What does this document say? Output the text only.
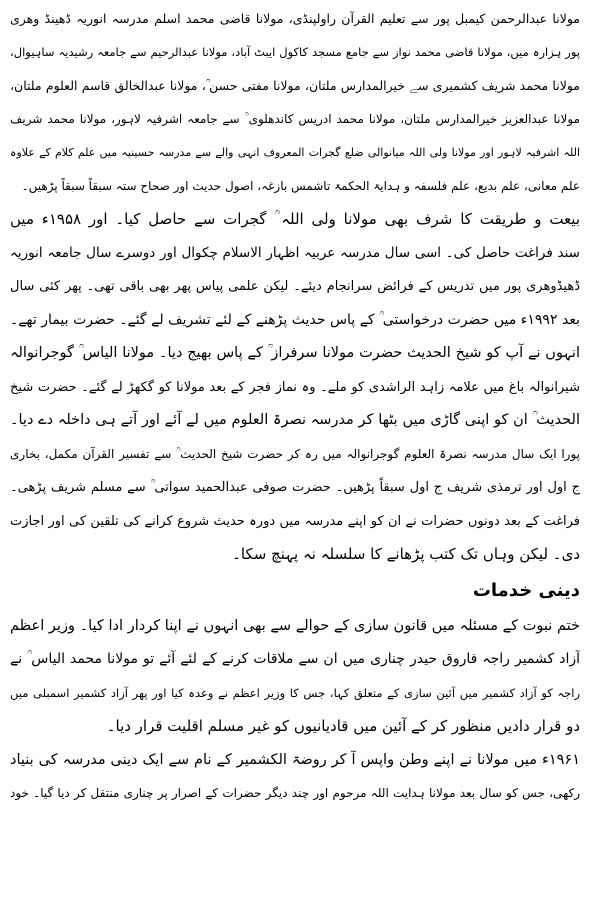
مولانا عبدالرحمن کیمبل پور سے تعلیم القرآن راولپنڈی، مولانا قاضی محمد اسلم مدرسہ انوریہ ڈھینڈ وھری
پور ہزارہ میں، مولانا قاضی محمد نواز سے جامع مسجد کاکول ایبٹ آباد، مولانا عبدالرحیم سے جامعہ رشیدیہ ساہیوال،
مولانا محمد شریف کشمیری سے خیرالمدارس ملتان، مولانا مفتی حسن ؒ، مولانا عبدالخالق قاسم العلوم ملتان،
مولانا عبدالعزیز خیرالمدارس ملتان، مولانا محمد ادریس کاندھلوی ؒ سے جامعہ اشرفیہ لاہور، مولانا محمد شریف
اللہ اشرفیہ لاہور اور مولانا ولی اللہ میانوالی ضلع گجرات المعروف انہی والے سے مدرسہ حسینیہ میں علم کلام کے علاوہ
علم معانی، علم بدیع، علم فلسفہ و ہدایۃ الحکمۃ تاشمس بازغہ، اصول حدیث اور صحاح ستہ سبقاً سبقاً پڑھیں۔
بیعت و طریقت کا شرف بھی مولانا ولی اللہ ؒ گجرات سے حاصل کیا۔ اور ۱۹۵۸ء میں
سند فراغت حاصل کی۔ اسی سال مدرسہ عربیہ اظہار الاسلام چکوال اور دوسرے سال جامعہ انوریہ
ڈھیڈوھری پور میں تدریس کے فرائض سرانجام دیئے۔ لیکن علمی پیاس پھر بھی باقی تھی۔ پھر کئی سال
بعد ۱۹۹۲ء میں حضرت درخواستی ؒ کے پاس حدیث پڑھنے کے لئے تشریف لے گئے۔ حضرت بیمار تھے۔
انہوں نے آپ کو شیخ الحدیث حضرت مولانا سرفراز ؒ کے پاس بھیج دیا۔ مولانا الیاس ؒ گوجرانوالہ
شیرانوالہ باغ میں علامہ زاہد الراشدی کو ملے۔ وہ نماز فجر کے بعد مولانا کو گکھڑ لے گئے۔ حضرت شیخ
الحدیث ؒ ان کو اپنی گاڑی میں بٹھا کر مدرسہ نصرۃ العلوم میں لے آئے اور آتے ہی داخلہ دے دیا۔
پورا ایک سال مدرسہ نصرۃ العلوم گوجرانوالہ میں رہ کر حضرت شیخ الحدیث ؒ سے تفسیر القرآن مکمل، بخاری
ج اول اور ترمذی شریف ج اول سبقاً پڑھیں۔ حضرت صوفی عبدالحمید سواتی ؒ سے مسلم شریف پڑھی۔
فراغت کے بعد دونوں حضرات نے ان کو اپنے مدرسہ میں دورہ حدیث شروع کرانے کی تلقین کی اور اجازت
دی۔ لیکن وہاں تک کتب پڑھانے کا سلسلہ نہ پہنچ سکا۔
دینی خدمات
ختم نبوت کے مسئلہ میں قانون سازی کے حوالے سے بھی انہوں نے اپنا کردار ادا کیا۔ وزیر اعظم
آزاد کشمیر راجہ فاروق حیدر چناری میں ان سے ملاقات کرنے کے لئے آئے تو مولانا محمد الیاس ؒ نے
راجہ کو آزاد کشمیر میں آئین سازی کے متعلق کہا، جس کا وزیر اعظم نے وعدہ کیا اور پھر آزاد کشمیر اسمبلی میں
دو قرار دادیں منظور کر کے آئین میں قادیانیوں کو غیر مسلم اقلیت قرار دیا۔
۱۹۶۱ء میں مولانا نے اپنے وطن واپس آ کر روضۃ الکشمیر کے نام سے ایک دینی مدرسہ کی بنیاد
رکھی، جس کو سال بعد مولانا ہدایت اللہ مرحوم اور چند دیگر حضرات کے اصرار پر چناری منتقل کر دیا گیا۔ خود
